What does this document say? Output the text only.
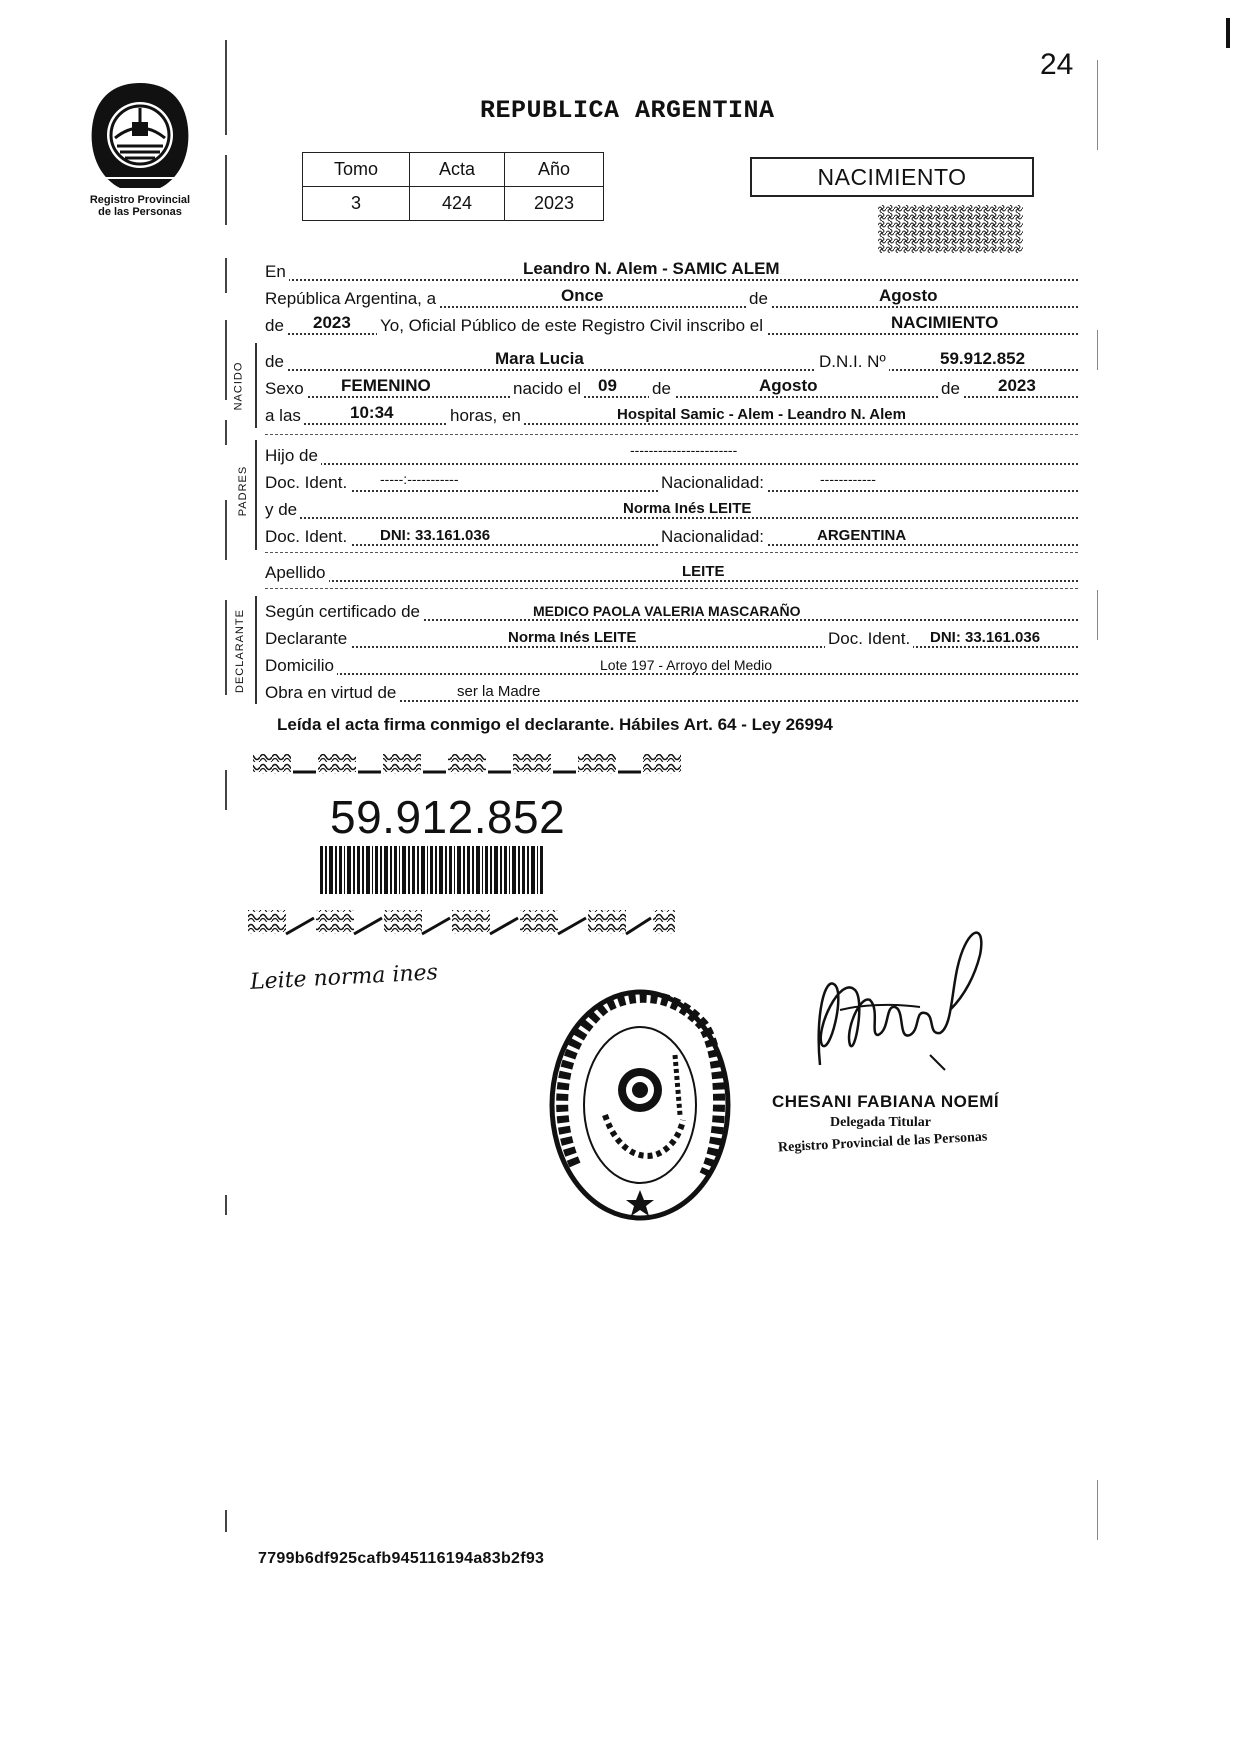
24
Registro Provincial
de las Personas
REPUBLICA ARGENTINA
Tomo	Acta	Año
3	424	2023
NACIMIENTO
En	Leandro N. Alem - SAMIC ALEM
República Argentina, a	Once	de	Agosto
de 2023 Yo, Oficial Público de este Registro Civil inscribo el	NACIMIENTO
NACIDO
de	Mara Lucia	D.N.I. Nº	59.912.852
Sexo FEMENINO	nacido el 09 de	Agosto	de 2023
a las	10:34	horas, en	Hospital Samic - Alem - Leandro N. Alem
PADRES
Hijo de	-----------------------
Doc. Ident. -----:-----------	Nacionalidad:	------------
y de	Norma Inés LEITE
Doc. Ident. DNI: 33.161.036	Nacionalidad:	ARGENTINA
Apellido	LEITE
DECLARANTE Según certificado de	MEDICO PAOLA VALERIA MASCARAÑO
Declarante	Norma Inés LEITE	Doc. Ident. DNI: 33.161.036
Domicilio	Lote 197 - Arroyo del Medio
Obra en virtud de	ser la Madre
Leída el acta firma conmigo el declarante. Hábiles Art. 64 - Ley 26994
59.912.852
Leite norma ines
CHESANI FABIANA NOEMÍ
Delegada Titular
Registro Provincial de las Personas
7799b6df925cafb945116194a83b2f93
